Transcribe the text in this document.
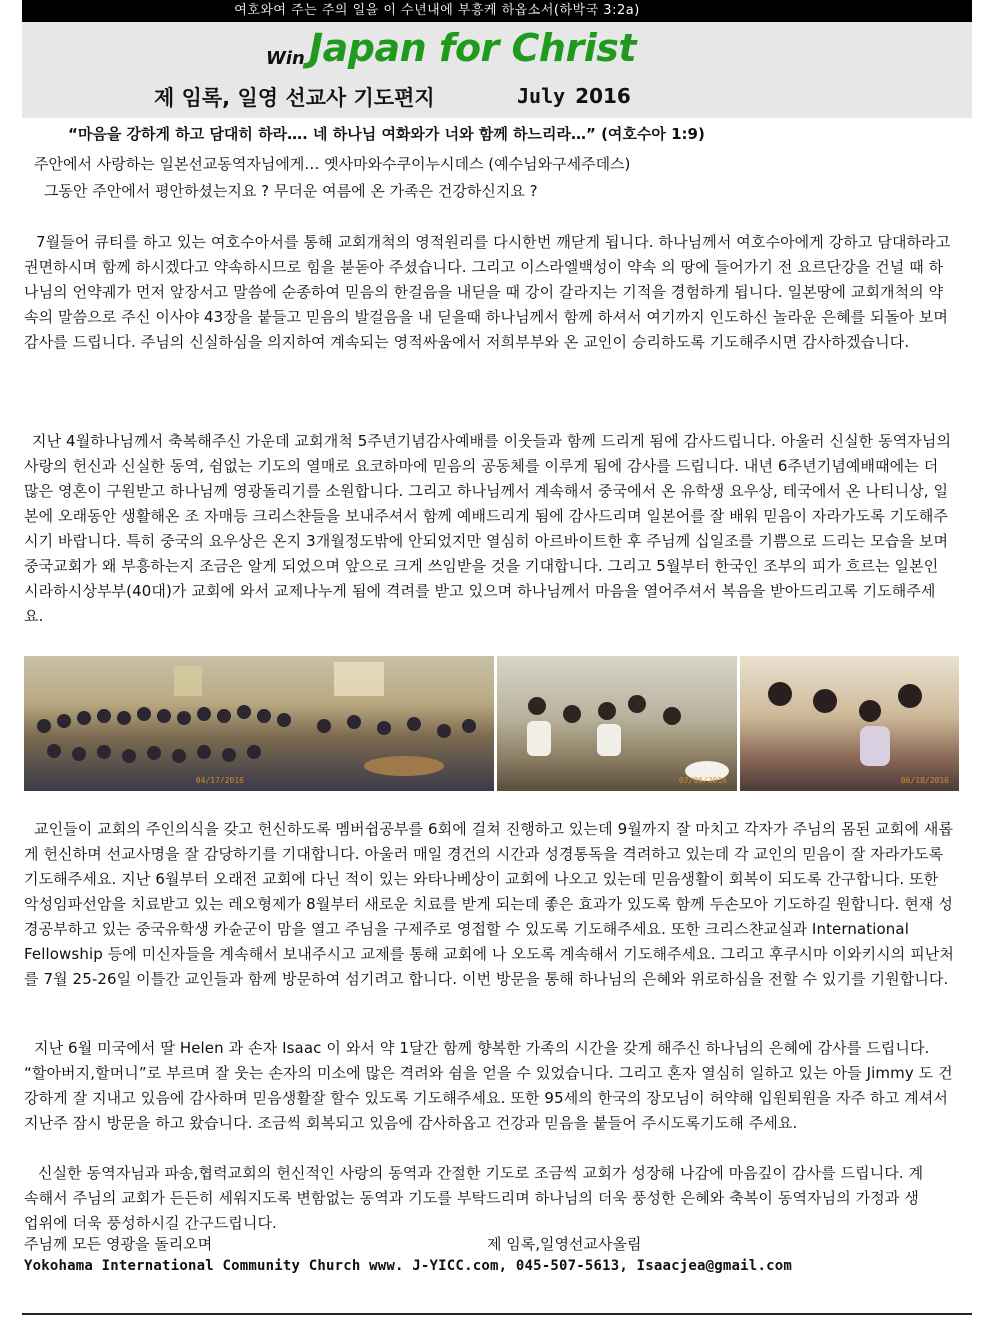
여호와여 주는 주의 일을 이 수년내에 부흥케 하옵소서(하박국 3:2a)
Win Japan for Christ
제 임록, 일영 선교사 기도편지	July 2016
“마음을 강하게 하고 담대히 하라…. 네 하나님 여화와가 너와 함께 하느리라…” (여호수아 1:9)
주안에서 사랑하는 일본선교동역자님에게… 옛사마와수쿠이누시데스 (예수님와구세주데스)
그동안 주안에서 평안하셨는지요 ? 무더운 여름에 온 가족은 건강하신지요 ?

7월들어 큐티를 하고 있는 여호수아서를 통해 교회개척의 영적원리를 다시한번 깨닫게 됩니다. 하나님께서 여호수아에게 강하고 담대하라고 권면하시며 함께 하시겠다고 약속하시므로 힘을 붇돋아 주셨습니다. 그리고 이스라엘백성이 약속 의 땅에 들어가기 전 요르단강을 건널 때 하나님의 언약궤가 먼저 앞장서고 말씀에 순종하여 믿음의 한걸음을 내딛을 때 강이 갈라지는 기적을 경험하게 됩니다. 일본땅에 교회개척의 약속의 말씀으로 주신 이사야 43장을 붙들고 믿음의 발걸음을 내 딛을때 하나님께서 함께 하셔서 여기까지 인도하신 놀라운 은혜를 되돌아 보며 감사를 드립니다. 주님의 신실하심을 의지하여 계속되는 영적싸움에서 저희부부와 온 교인이 승리하도록 기도해주시면 감사하겠습니다.

지난 4월하나님께서 축복해주신 가운데 교회개척 5주년기념감사예배를 이웃들과 함께 드리게 됨에 감사드립니다. 아울러 신실한 동역자님의 사랑의 헌신과 신실한 동역, 쉼없는 기도의 열매로 요코하마에 믿음의 공동체를 이루게 됨에 감사를 드립니다. 내년 6주년기념예배때에는 더 많은 영혼이 구원받고 하나님께 영광돌리기를 소원합니다. 그리고 하나님께서 계속해서 중국에서 온 유학생 요우상, 테국에서 온 나티니상, 일본에 오래동안 생활해온 조 자매등 크리스챤들을 보내주셔서 함께 예배드리게 됨에 감사드리며 일본어를 잘 배워 믿음이 자라가도록 기도해주시기 바랍니다. 특히 중국의 요우상은 온지 3개월정도밖에 안되었지만 열심히 아르바이트한 후 주님께 십일조를 기쁨으로 드리는 모습을 보며 중국교회가 왜 부흥하는지 조금은 알게 되었으며 앞으로 크게 쓰임받을 것을 기대합니다. 그리고 5월부터 한국인 조부의 피가 흐르는 일본인 시라하시상부부(40대)가 교회에 와서 교제나누게 됨에 격려를 받고 있으며 하나님께서 마음을 열어주셔서 복음을 받아드리고록 기도해주세요.

04/17/2016	07/06/2016	06/18/2016

교인들이 교회의 주인의식을 갖고 헌신하도록 멤버쉽공부를 6회에 걸쳐 진행하고 있는데 9월까지 잘 마치고 각자가 주님의 몸된 교회에 새롭게 헌신하며 선교사명을 잘 감당하기를 기대합니다. 아울러 매일 경건의 시간과 성경통독을 격려하고 있는데 각 교인의 믿음이 잘 자라가도록 기도해주세요. 지난 6월부터 오래전 교회에 다닌 적이 있는 와타나베상이 교회에 나오고 있는데 믿음생활이 회복이 되도록 간구합니다. 또한 악성임파선암을 치료받고 있는 레오형제가 8월부터 새로운 치료를 받게 되는데 좋은 효과가 있도록 함께 두손모아 기도하길 원합니다. 현재 성경공부하고 있는 중국유학생 카슌군이 맘을 열고 주님을 구제주로 영접할 수 있도록 기도해주세요. 또한 크리스챤교실과 International Fellowship 등에 미신자들을 계속해서 보내주시고 교제를 통해 교회에 나 오도록 계속해서 기도해주세요. 그리고 후쿠시마 이와키시의 피난처를 7월 25-26일 이틀간 교인들과 함께 방문하여 섬기려고 합니다. 이번 방문을 통해 하나님의 은혜와 위로하심을 전할 수 있기를 기원합니다.

지난 6월 미국에서 딸 Helen 과 손자 Isaac 이 와서 약 1달간 함께 향복한 가족의 시간을 갖게 해주신 하나님의 은혜에 감사를 드립니다. “할아버지,할머니”로 부르며 잘 웃는 손자의 미소에 많은 격려와 쉼을 얻을 수 있었습니다. 그리고 혼자 열심히 일하고 있는 아들 Jimmy 도 건강하게 잘 지내고 있음에 감사하며 믿음생활잘 할수 있도록 기도해주세요. 또한 95세의 한국의 장모님이 허약해 입원퇴원을 자주 하고 계셔서 지난주 잠시 방문을 하고 왔습니다. 조금씩 회복되고 있음에 감사하옵고 건강과 믿음을 붙들어 주시도록기도해 주세요.

신실한 동역자님과 파송,협력교회의 헌신적인 사랑의 동역과 간절한 기도로 조금씩 교회가 성장해 나감에 마음깊이 감사를 드립니다. 계속해서 주님의 교회가 든든히 세워지도록 변함없는 동역과 기도를 부탁드리며 하나님의 더욱 풍성한 은혜와 축복이 동역자님의 가정과 생업위에 더욱 풍성하시길 간구드립니다.

주님께 모든 영광을 돌리오며	제 임록,일영선교사올림
Yokohama International Community Church www. J-YICC.com, 045-507-5613, Isaacjea@gmail.com
